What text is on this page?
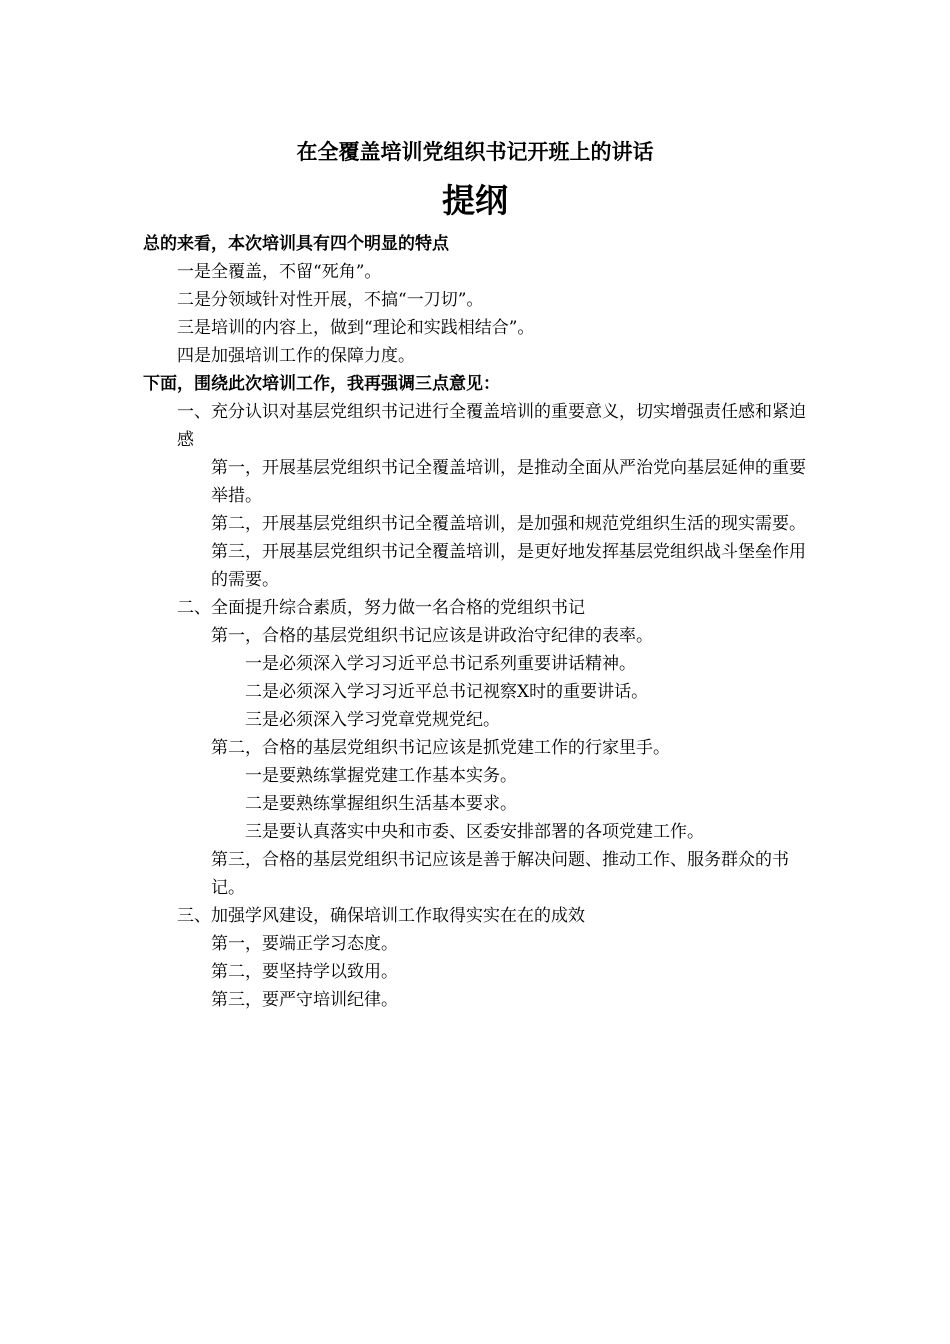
在全覆盖培训党组织书记开班上的讲话
提纲

总的来看，本次培训具有四个明显的特点

一是全覆盖，不留“死角”。

二是分领域针对性开展，不搞“一刀切”。

三是培训的内容上，做到“理论和实践相结合”。

四是加强培训工作的保障力度。

下面，围绕此次培训工作，我再强调三点意见：

一、充分认识对基层党组织书记进行全覆盖培训的重要意义，切实增强责任感和紧迫感

第一，开展基层党组织书记全覆盖培训，是推动全面从严治党向基层延伸的重要举措。

第二，开展基层党组织书记全覆盖培训，是加强和规范党组织生活的现实需要。

第三，开展基层党组织书记全覆盖培训，是更好地发挥基层党组织战斗堡垒作用的需要。

二、全面提升综合素质，努力做一名合格的党组织书记

第一，合格的基层党组织书记应该是讲政治守纪律的表率。

一是必须深入学习习近平总书记系列重要讲话精神。

二是必须深入学习习近平总书记视察X时的重要讲话。

三是必须深入学习党章党规党纪。

第二，合格的基层党组织书记应该是抓党建工作的行家里手。

一是要熟练掌握党建工作基本实务。

二是要熟练掌握组织生活基本要求。

三是要认真落实中央和市委、区委安排部署的各项党建工作。

第三，合格的基层党组织书记应该是善于解决问题、推动工作、服务群众的书记。

三、加强学风建设，确保培训工作取得实实在在的成效

第一，要端正学习态度。

第二，要坚持学以致用。

第三，要严守培训纪律。
